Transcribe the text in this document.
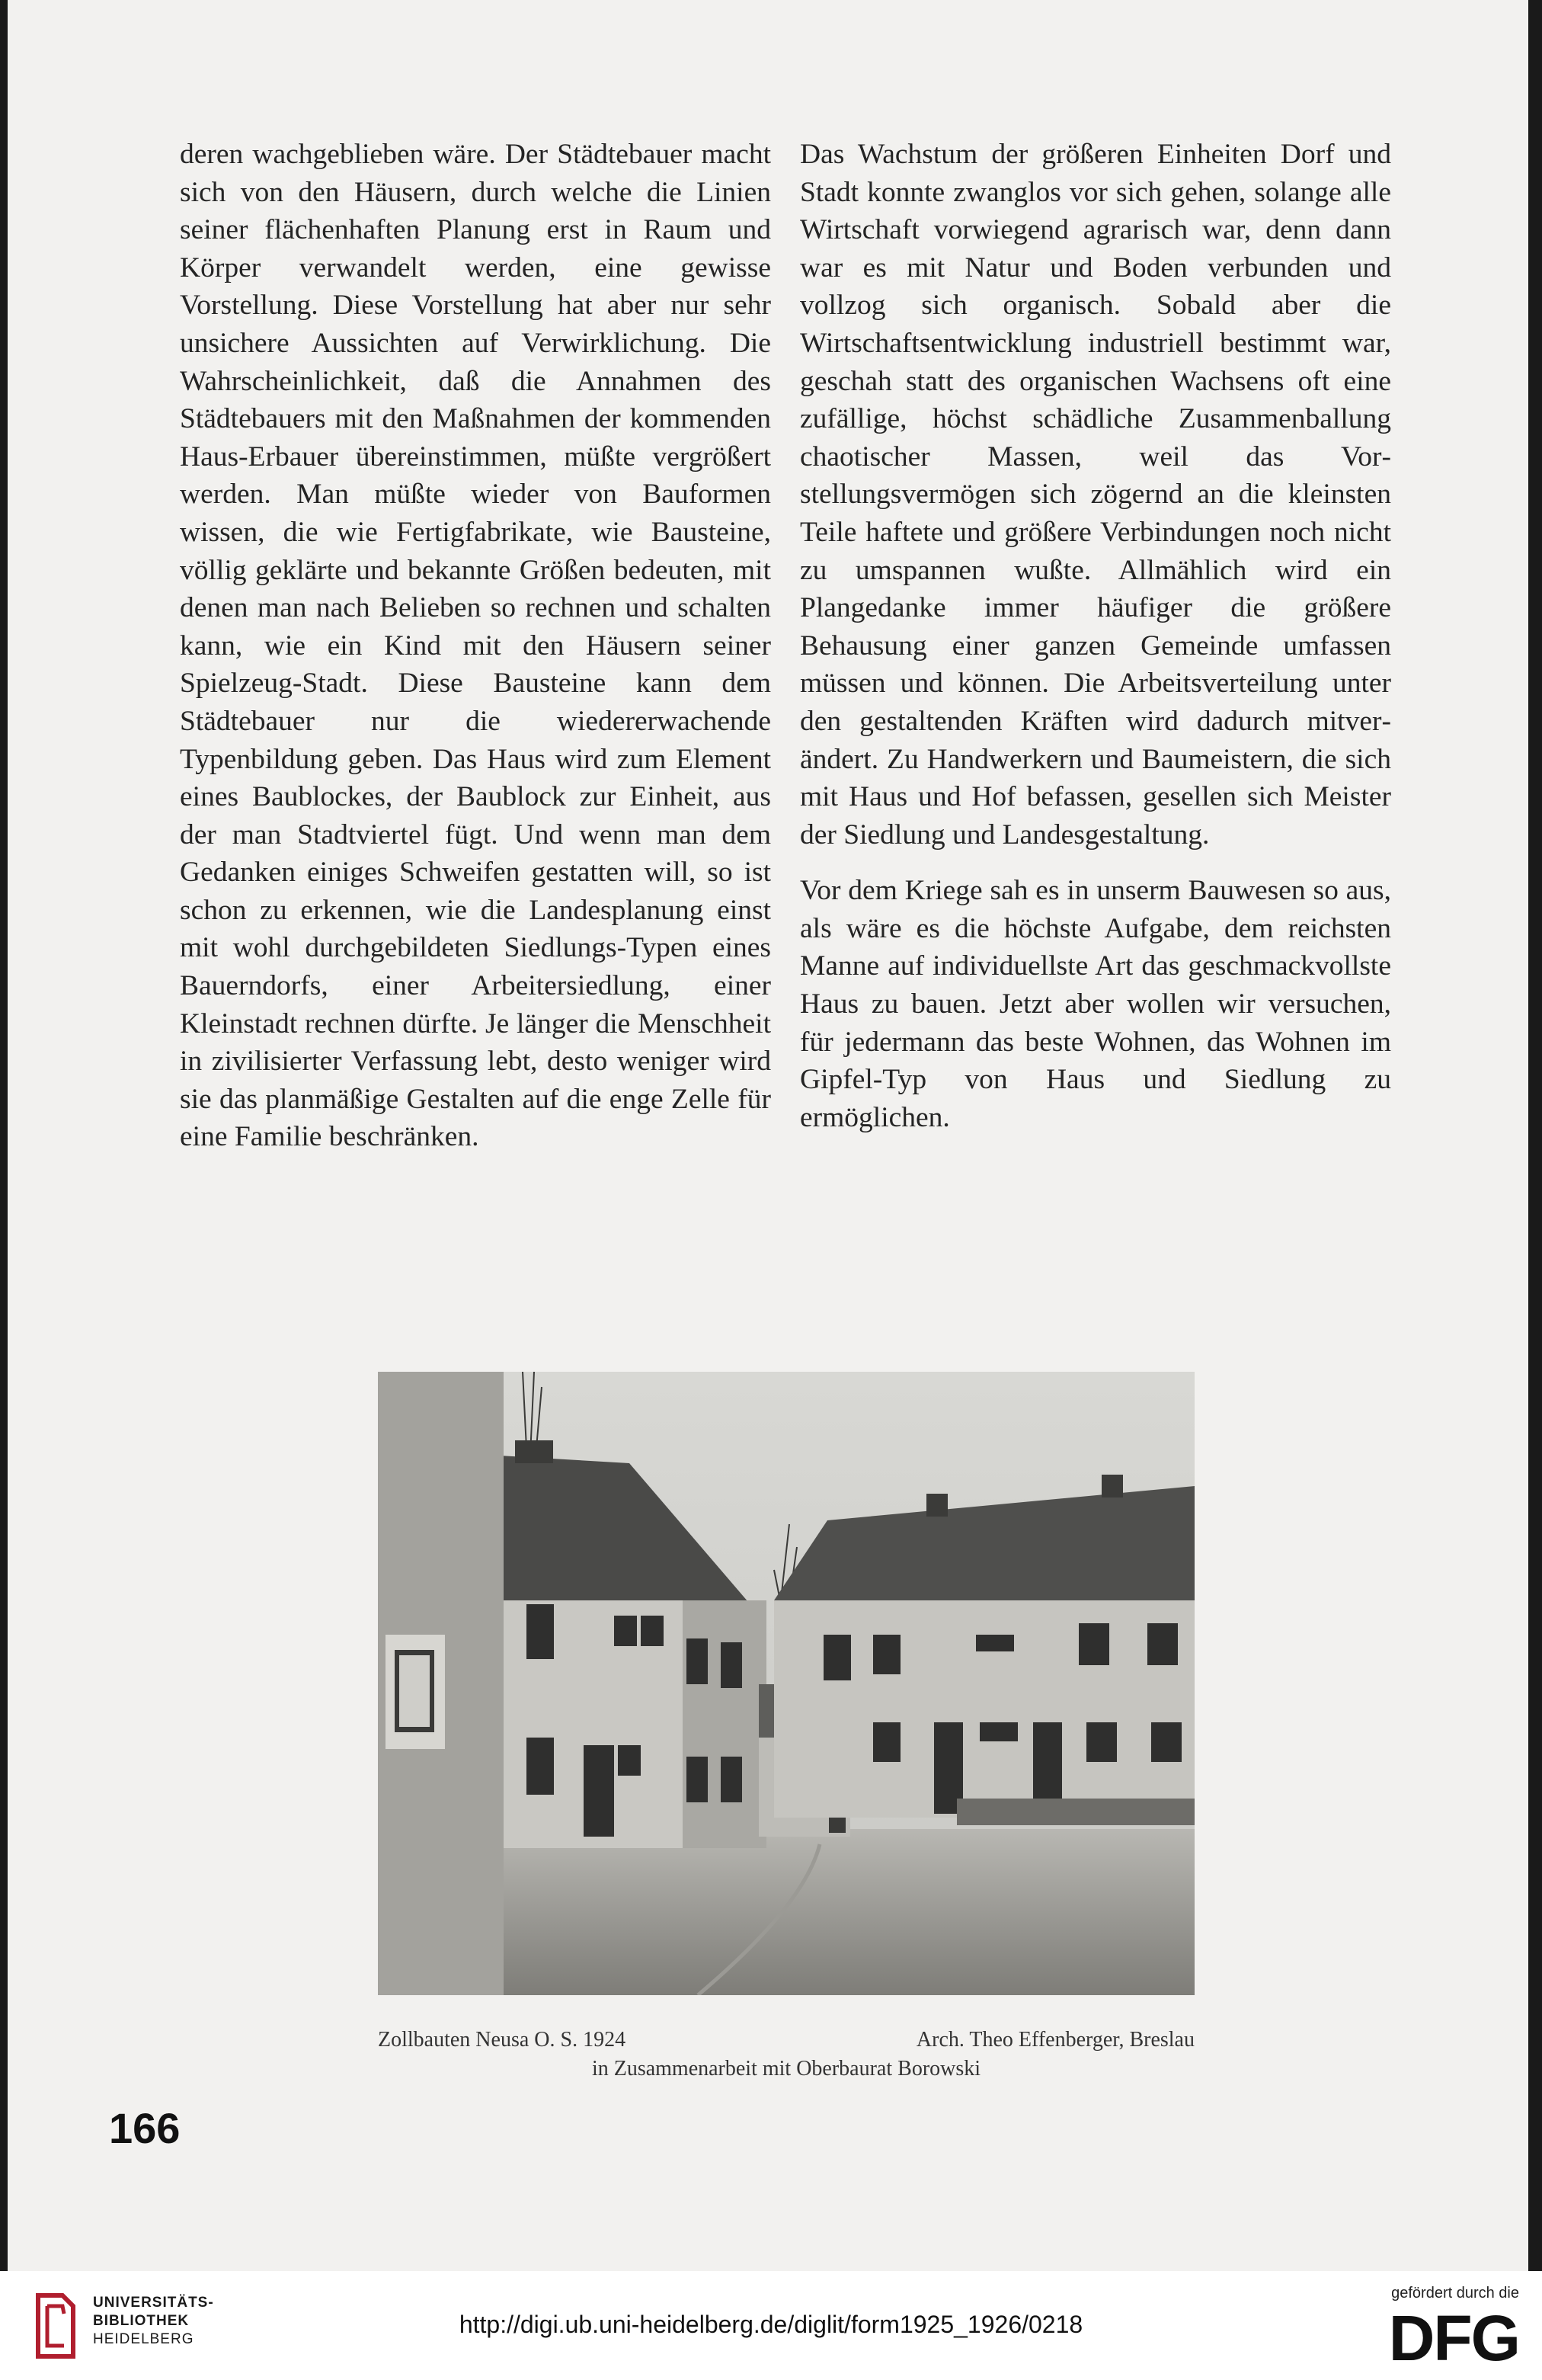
deren wachgeblieben wäre. Der Städtebauer macht sich von den Häusern, durch welche die Linien seiner flächenhaften Planung erst in Raum und Körper verwandelt werden, eine gewisse Vorstellung. Diese Vorstellung hat aber nur sehr unsichere Aussichten auf Verwirklichung. Die Wahrscheinlichkeit, daß die Annahmen des Städtebauers mit den Maßnahmen der kommenden Haus-Erbauer übereinstimmen, müßte vergrößert werden. Man müßte wieder von Bauformen wissen, die wie Fertigfabrikate, wie Bausteine, völlig geklärte und bekannte Größen bedeuten, mit denen man nach Belieben so rechnen und schalten kann, wie ein Kind mit den Häusern seiner Spielzeug-Stadt. Diese Bausteine kann dem Städtebauer nur die wiedererwachende Typenbildung geben. Das Haus wird zum Element eines Baublockes, der Baublock zur Einheit, aus der man Stadtviertel fügt. Und wenn man dem Gedanken einiges Schweifen gestatten will, so ist schon zu erkennen, wie die Landesplanung einst mit wohl durchgebildeten Siedlungs-Typen eines Bauerndorfs, einer Arbeitersiedlung, einer Kleinstadt rechnen dürfte. Je länger die Menschheit in zivilisierter Verfassung lebt, desto weniger wird sie das planmäßige Gestalten auf die enge Zelle für eine Familie beschränken.

Das Wachstum der größeren Einheiten Dorf und Stadt konnte zwanglos vor sich gehen, solange alle Wirtschaft vorwiegend agrarisch war, denn dann war es mit Natur und Boden verbunden und vollzog sich organisch. Sobald aber die Wirtschaftsentwicklung industriell bestimmt war, geschah statt des organischen Wachsens oft eine zufällige, höchst schädliche Zusammenballung chaotischer Massen, weil das Vorstellungsvermögen sich zögernd an die kleinsten Teile haftete und größere Verbindungen noch nicht zu umspannen wußte. Allmählich wird ein Plangedanke immer häufiger die größere Behausung einer ganzen Gemeinde umfassen müssen und können. Die Arbeitsverteilung unter den gestaltenden Kräften wird dadurch mitverändert. Zu Handwerkern und Baumeistern, die sich mit Haus und Hof befassen, gesellen sich Meister der Siedlung und Landesgestaltung.

Vor dem Kriege sah es in unserm Bauwesen so aus, als wäre es die höchste Aufgabe, dem reichsten Manne auf individuellste Art das geschmackvollste Haus zu bauen. Jetzt aber wollen wir versuchen, für jedermann das beste Wohnen, das Wohnen im Gipfel-Typ von Haus und Siedlung zu ermöglichen.

Zollbauten Neusa O. S. 1924	Arch. Theo Effenberger, Breslau
in Zusammenarbeit mit Oberbaurat Borowski
166
UNIVERSITÄTS-
BIBLIOTHEK
HEIDELBERG
http://digi.ub.uni-heidelberg.de/diglit/form1925_1926/0218
gefördert durch die
DFG
